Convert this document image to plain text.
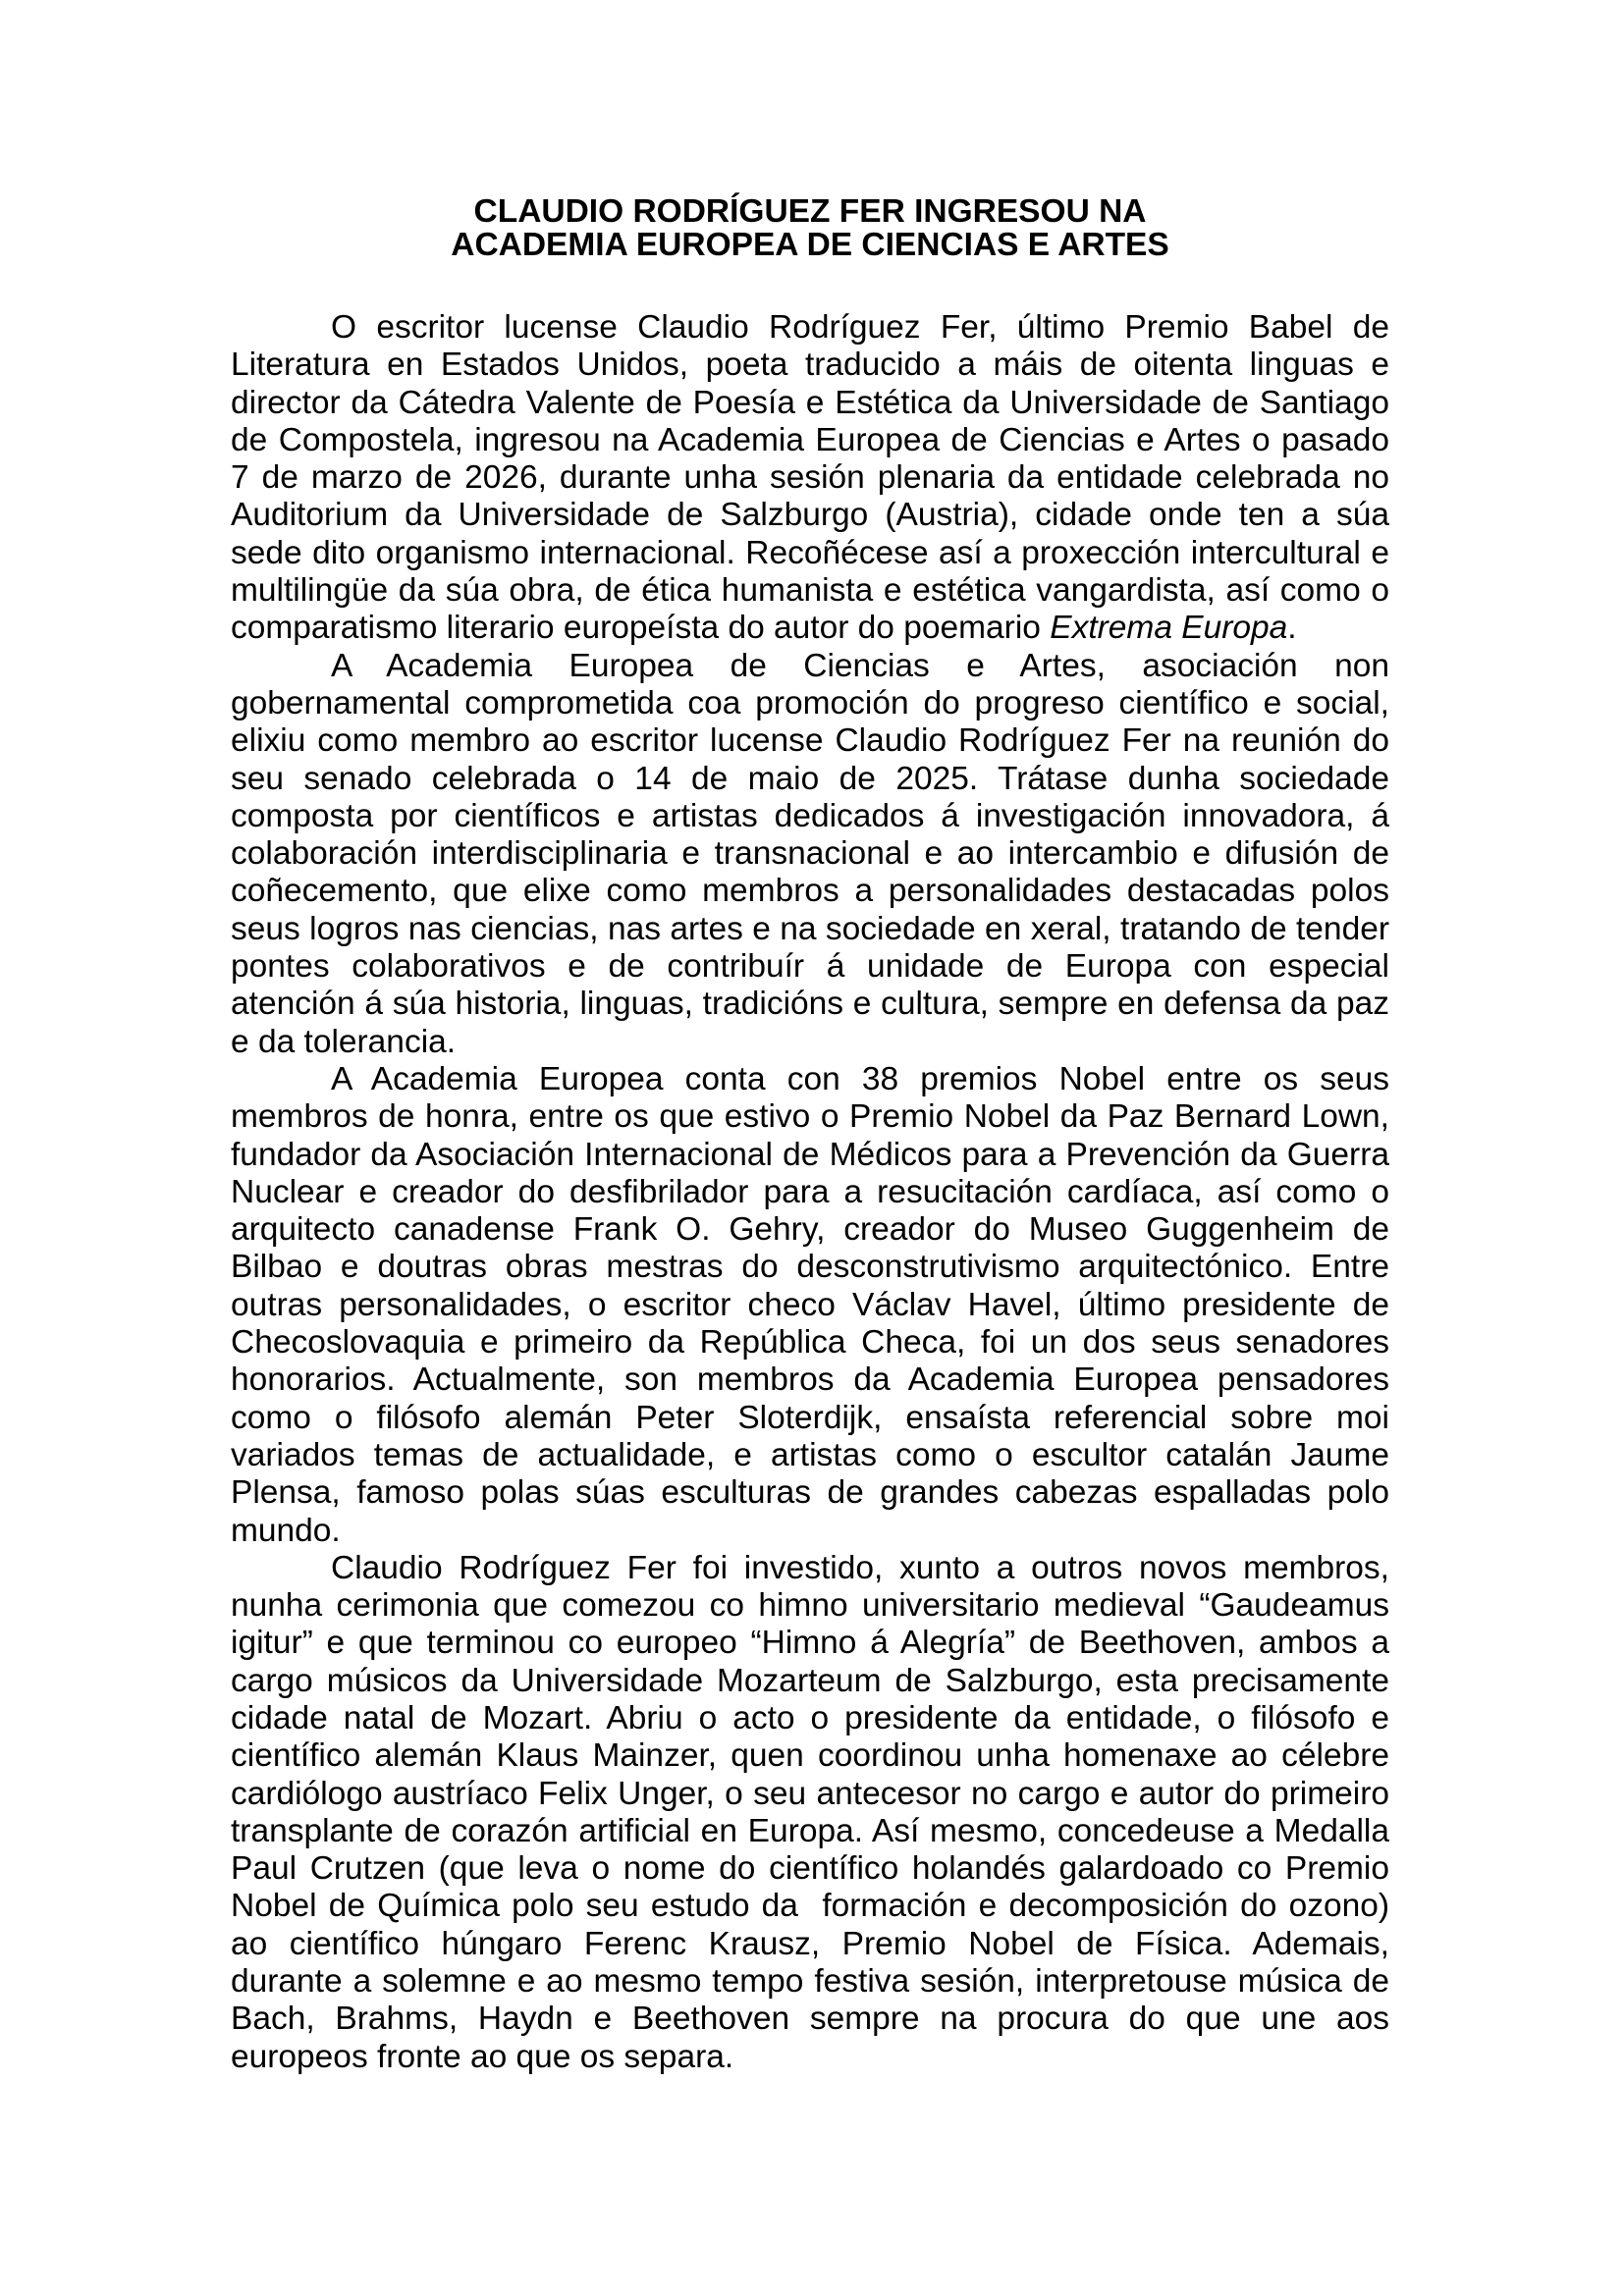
CLAUDIO RODRÍGUEZ FER INGRESOU NA
ACADEMIA EUROPEA DE CIENCIAS E ARTES

O escritor lucense Claudio Rodríguez Fer, último Premio Babel de Literatura en Estados Unidos, poeta traducido a máis de oitenta linguas e director da Cátedra Valente de Poesía e Estética da Universidade de Santiago de Compostela, ingresou na Academia Europea de Ciencias e Artes o pasado 7 de marzo de 2026, durante unha sesión plenaria da entidade celebrada no Auditorium da Universidade de Salzburgo (Austria), cidade onde ten a súa sede dito organismo internacional. Recoñécese así a proxección intercultural e multilingüe da súa obra, de ética humanista e estética vangardista, así como o comparatismo literario europeísta do autor do poemario Extrema Europa.

A Academia Europea de Ciencias e Artes, asociación non gobernamental comprometida coa promoción do progreso científico e social, elixiu como membro ao escritor lucense Claudio Rodríguez Fer na reunión do seu senado celebrada o 14 de maio de 2025. Trátase dunha sociedade composta por científicos e artistas dedicados á investigación innovadora, á colaboración interdisciplinaria e transnacional e ao intercambio e difusión de coñecemento, que elixe como membros a personalidades destacadas polos seus logros nas ciencias, nas artes e na sociedade en xeral, tratando de tender pontes colaborativos e de contribuír á unidade de Europa con especial atención á súa historia, linguas, tradicións e cultura, sempre en defensa da paz e da tolerancia.

A Academia Europea conta con 38 premios Nobel entre os seus membros de honra, entre os que estivo o Premio Nobel da Paz Bernard Lown, fundador da Asociación Internacional de Médicos para a Prevención da Guerra Nuclear e creador do desfibrilador para a resucitación cardíaca, así como o arquitecto canadense Frank O. Gehry, creador do Museo Guggenheim de Bilbao e doutras obras mestras do desconstrutivismo arquitectónico. Entre outras personalidades, o escritor checo Václav Havel, último presidente de Checoslovaquia e primeiro da República Checa, foi un dos seus senadores honorarios. Actualmente, son membros da Academia Europea pensadores como o filósofo alemán Peter Sloterdijk, ensaísta referencial sobre moi variados temas de actualidade, e artistas como o escultor catalán Jaume Plensa, famoso polas súas esculturas de grandes cabezas espalladas polo mundo.

Claudio Rodríguez Fer foi investido, xunto a outros novos membros, nunha cerimonia que comezou co himno universitario medieval “Gaudeamus igitur” e que terminou co europeo “Himno á Alegría” de Beethoven, ambos a cargo músicos da Universidade Mozarteum de Salzburgo, esta precisamente cidade natal de Mozart. Abriu o acto o presidente da entidade, o filósofo e científico alemán Klaus Mainzer, quen coordinou unha homenaxe ao célebre cardiólogo austríaco Felix Unger, o seu antecesor no cargo e autor do primeiro transplante de corazón artificial en Europa. Así mesmo, concedeuse a Medalla Paul Crutzen (que leva o nome do científico holandés galardoado co Premio Nobel de Química polo seu estudo da  formación e decomposición do ozono) ao científico húngaro Ferenc Krausz, Premio Nobel de Física. Ademais, durante a solemne e ao mesmo tempo festiva sesión, interpretouse música de Bach, Brahms, Haydn e Beethoven sempre na procura do que une aos europeos fronte ao que os separa.
